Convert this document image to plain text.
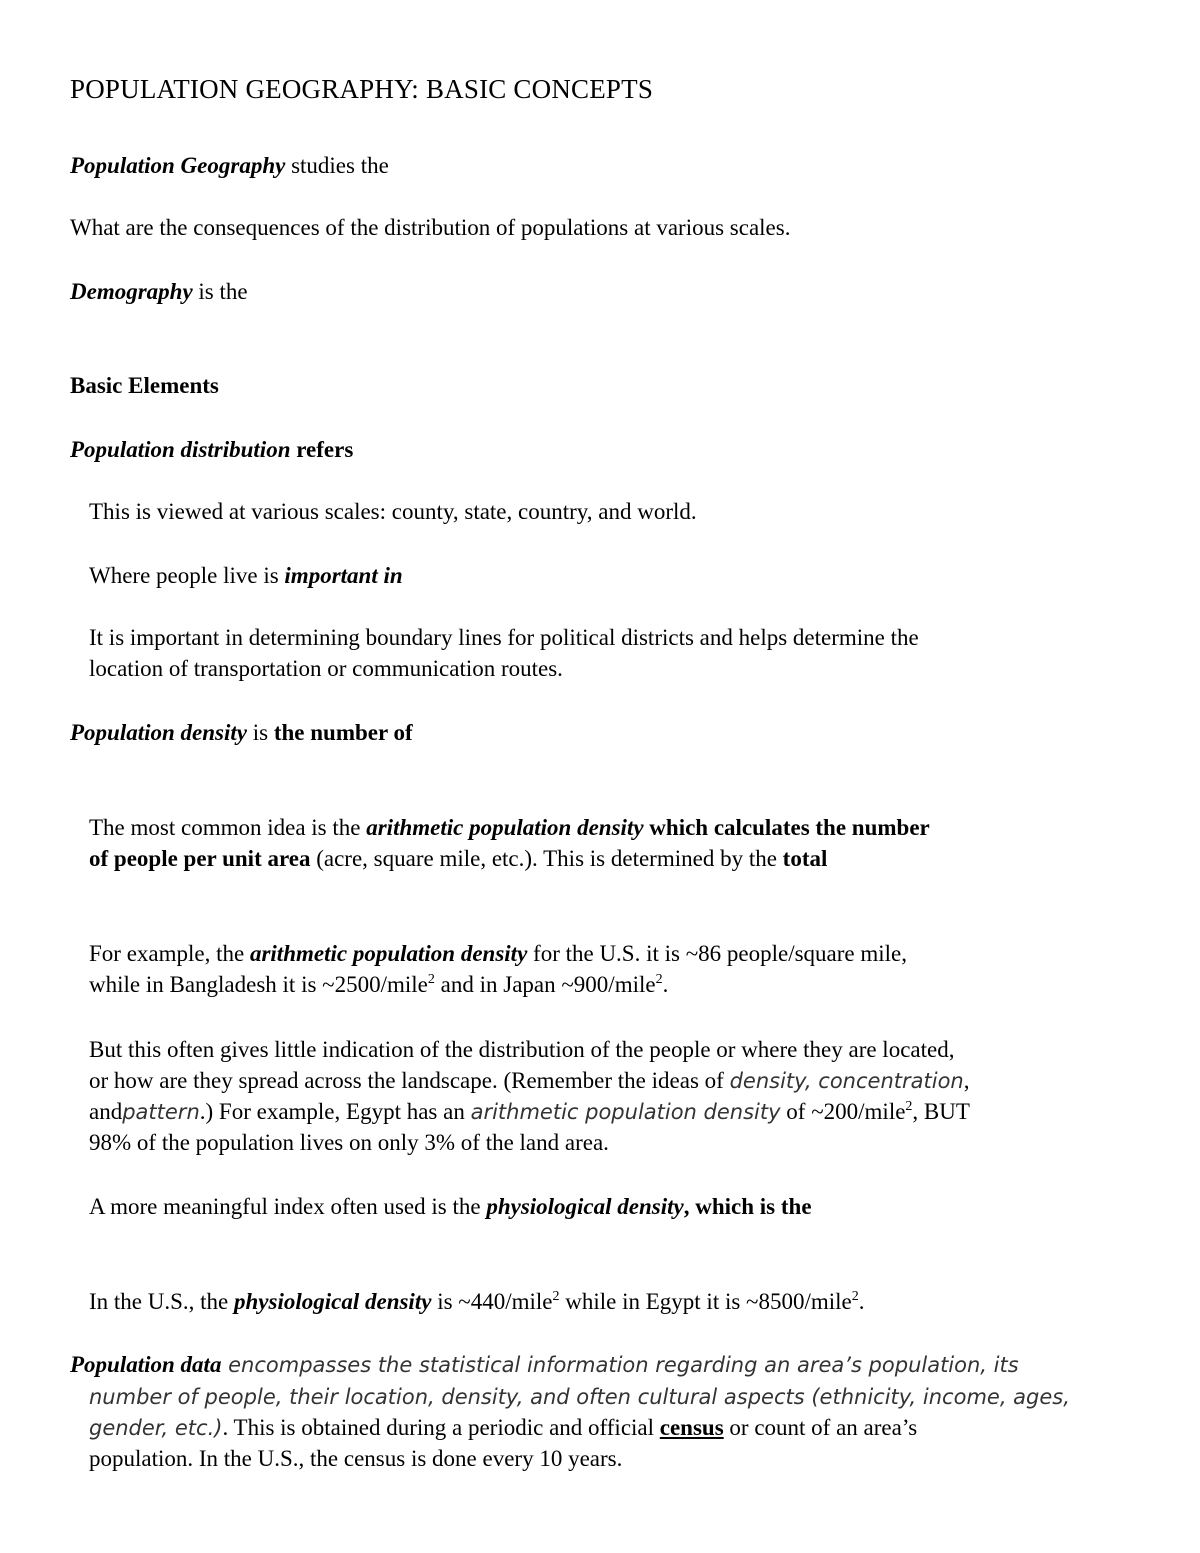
POPULATION GEOGRAPHY: BASIC CONCEPTS
Population Geography studies the
What are the consequences of the distribution of populations at various scales.
Demography is the
Basic Elements
Population distribution refers
This is viewed at various scales: county, state, country, and world.
Where people live is important in
It is important in determining boundary lines for political districts and helps determine the
location of transportation or communication routes.
Population density is the number of
The most common idea is the arithmetic population density which calculates the number
of people per unit area (acre, square mile, etc.). This is determined by the total
For example, the arithmetic population density for the U.S. it is ~86 people/square mile,
while in Bangladesh it is ~2500/mile$^2$ and in Japan ~900/mile$^2$.
But this often gives little indication of the distribution of the people or where they are located,
or how are they spread across the landscape. (Remember the ideas of density, concentration,
andpattern.) For example, Egypt has an arithmetic population density of ~200/mile$^2$, BUT
98% of the population lives on only 3% of the land area.
A more meaningful index often used is the physiological density, which is the
In the U.S., the physiological density is ~440/mile$^2$ while in Egypt it is ~8500/mile$^2$.
Population data encompasses the statistical information regarding an area’s population, its
number of people, their location, density, and often cultural aspects (ethnicity, income, ages,
gender, etc.). This is obtained during a periodic and official census or count of an area’s
population. In the U.S., the census is done every 10 years.
